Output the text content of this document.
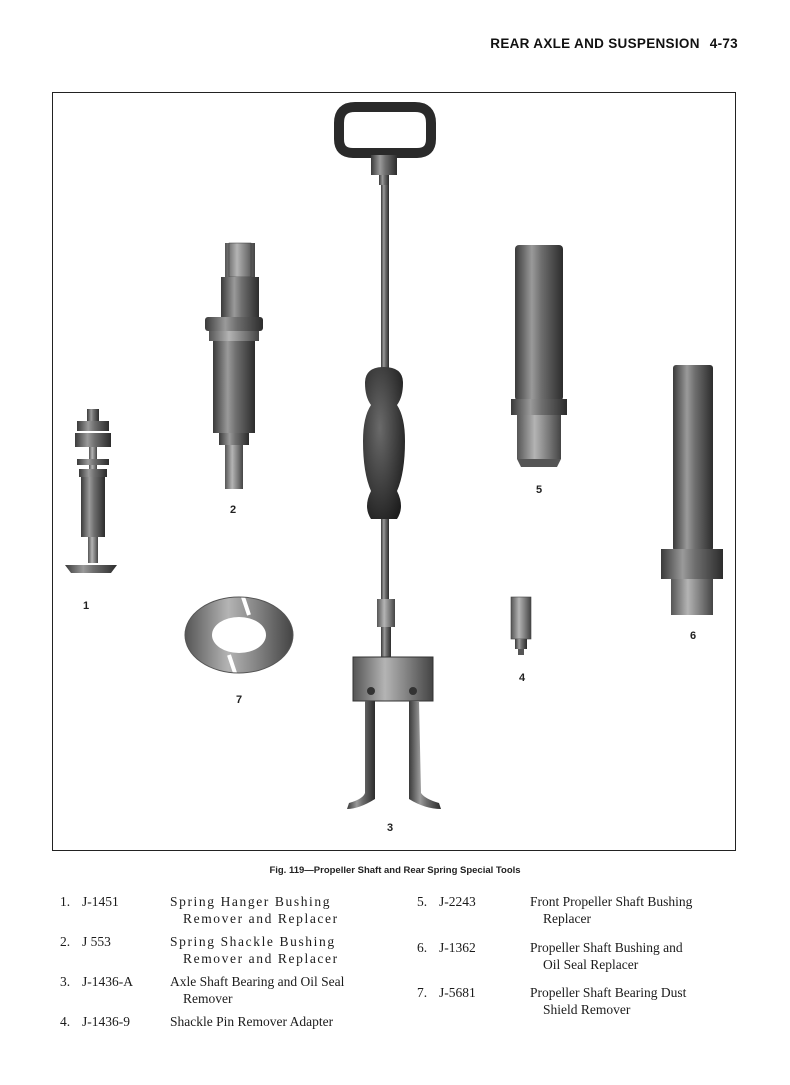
REAR AXLE AND SUSPENSION 4-73
1
2
3
4
5
6
7
Fig. 119—Propeller Shaft and Rear Spring Special Tools
1. J-1451	Spring Hanger Bushing
Remover and Replacer
2. J 553	Spring Shackle Bushing
Remover and Replacer
3. J-1436-A	Axle Shaft Bearing and Oil Seal
Remover
4. J-1436-9	Shackle Pin Remover Adapter
5. J-2243	Front Propeller Shaft Bushing
Replacer
6. J-1362	Propeller Shaft Bushing and
Oil Seal Replacer
7. J-5681	Propeller Shaft Bearing Dust
Shield Remover
